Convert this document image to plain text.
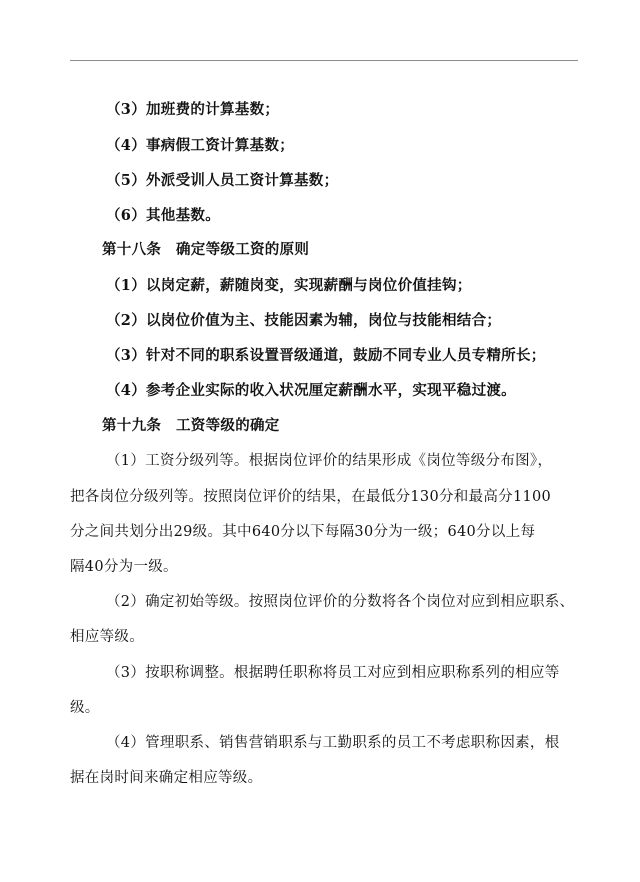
（3）加班费的计算基数；
（4）事病假工资计算基数；
（5）外派受训人员工资计算基数；
（6）其他基数。
第十八条　确定等级工资的原则
（1）以岗定薪，薪随岗变，实现薪酬与岗位价值挂钩；
（2）以岗位价值为主、技能因素为辅，岗位与技能相结合；
（3）针对不同的职系设置晋级通道，鼓励不同专业人员专精所长；
（4）参考企业实际的收入状况厘定薪酬水平，实现平稳过渡。
第十九条　工资等级的确定
（1）工资分级列等。根据岗位评价的结果形成《岗位等级分布图》，
把各岗位分级列等。按照岗位评价的结果，在最低分130分和最高分1100
分之间共划分出29级。其中640分以下每隔30分为一级；640分以上每
隔40分为一级。
（2）确定初始等级。按照岗位评价的分数将各个岗位对应到相应职系、
相应等级。
（3）按职称调整。根据聘任职称将员工对应到相应职称系列的相应等
级。
（4）管理职系、销售营销职系与工勤职系的员工不考虑职称因素，根
据在岗时间来确定相应等级。
